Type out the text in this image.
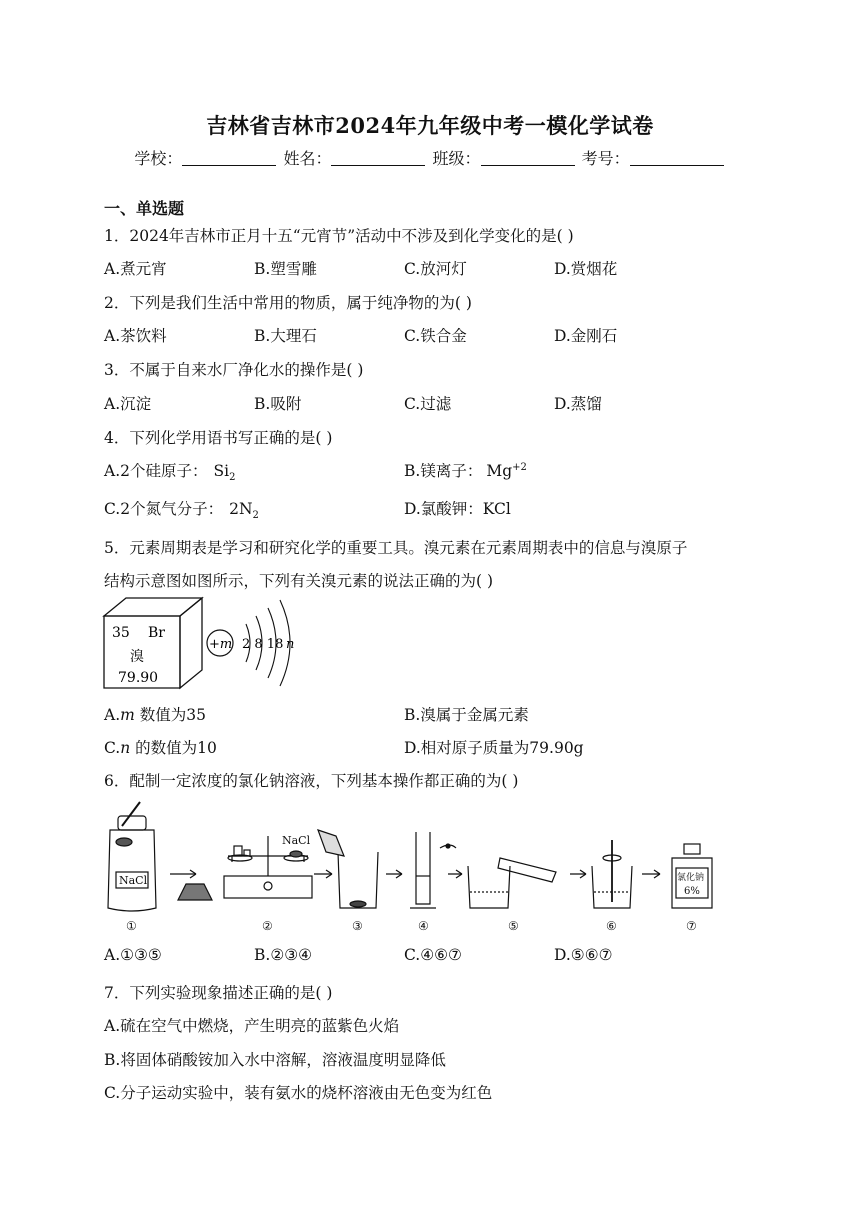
吉林省吉林市2024年九年级中考一模化学试卷
学校：	姓名：	班级：	考号：
一、单选题
1．2024年吉林市正月十五“元宵节”活动中不涉及到化学变化的是( )
A.煮元宵	B.塑雪雕	C.放河灯	D.赏烟花
2．下列是我们生活中常用的物质，属于纯净物的为( )
A.茶饮料	B.大理石	C.铁合金	D.金刚石
3．不属于自来水厂净化水的操作是( )
A.沉淀	B.吸附	C.过滤	D.蒸馏
4．下列化学用语书写正确的是( )
A.2个硅原子： $Si_2$	B.镁离子： $Mg^{+2}$
C.2个氮气分子： $2N_2$	D.氯酸钾：KCl
5．元素周期表是学习和研究化学的重要工具。溴元素在元素周期表中的信息与溴原子
结构示意图如图所示，下列有关溴元素的说法正确的为( )
35 Br
溴
79.90
+m 2 8 18 n
A.m 数值为35	B.溴属于金属元素
C.n 的数值为10	D.相对原子质量为79.90g
6．配制一定浓度的氯化钠溶液，下列基本操作都正确的为( )
NaCl
NaCl
氯化钠
6%
①	②	③	④	⑤	⑥	⑦
A.①③⑤	B.②③④	C.④⑥⑦	D.⑤⑥⑦
7．下列实验现象描述正确的是( )
A.硫在空气中燃烧，产生明亮的蓝紫色火焰
B.将固体硝酸铵加入水中溶解，溶液温度明显降低
C.分子运动实验中，装有氨水的烧杯溶液由无色变为红色
